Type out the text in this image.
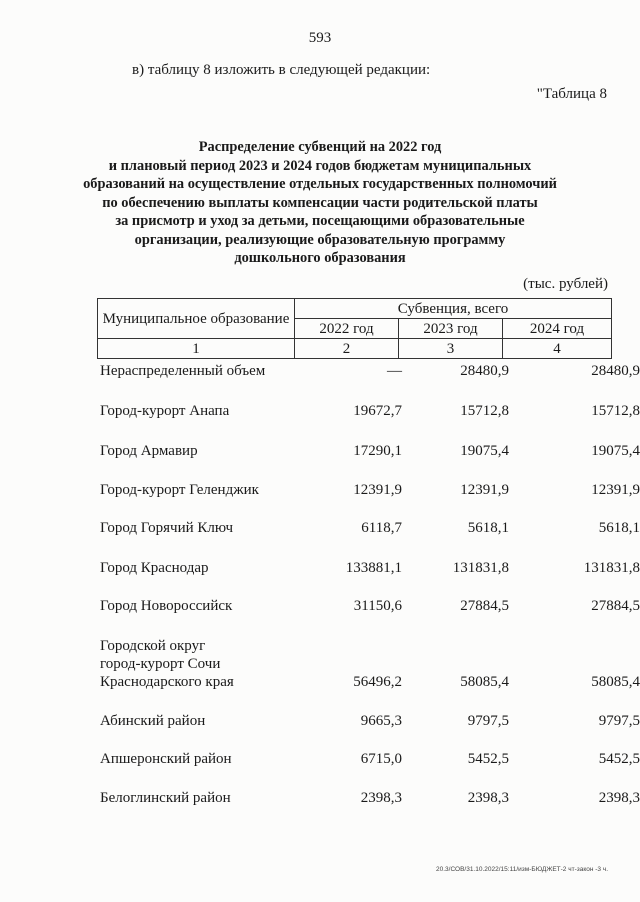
593
в) таблицу 8 изложить в следующей редакции:
"Таблица 8
Распределение субвенций на 2022 год
и плановый период 2023 и 2024 годов бюджетам муниципальных
образований на осуществление отдельных государственных полномочий
по обеспечению выплаты компенсации части родительской платы
за присмотр и уход за детьми, посещающими образовательные
организации, реализующие образовательную программу
дошкольного образования
(тыс. рублей)
Муниципальное образование	Субвенция, всего		
	2022 год	2023 год	2024 год
1	2	3	4
Нераспределенный объем	—	28480,9	28480,9
Город-курорт Анапа	19672,7	15712,8	15712,8
Город Армавир	17290,1	19075,4	19075,4
Город-курорт Геленджик	12391,9	12391,9	12391,9
Город Горячий Ключ	6118,7	5618,1	5618,1
Город Краснодар	133881,1	131831,8	131831,8
Город Новороссийск	31150,6	27884,5	27884,5
Городской округ
город-курорт Сочи
Краснодарского края	56496,2	58085,4	58085,4
Абинский район	9665,3	9797,5	9797,5
Апшеронский район	6715,0	5452,5	5452,5
Белоглинский район	2398,3	2398,3	2398,3
20.3/СОВ/31.10.2022/15:11/изм-БЮДЖЕТ-2 чт-закон -3 ч.
